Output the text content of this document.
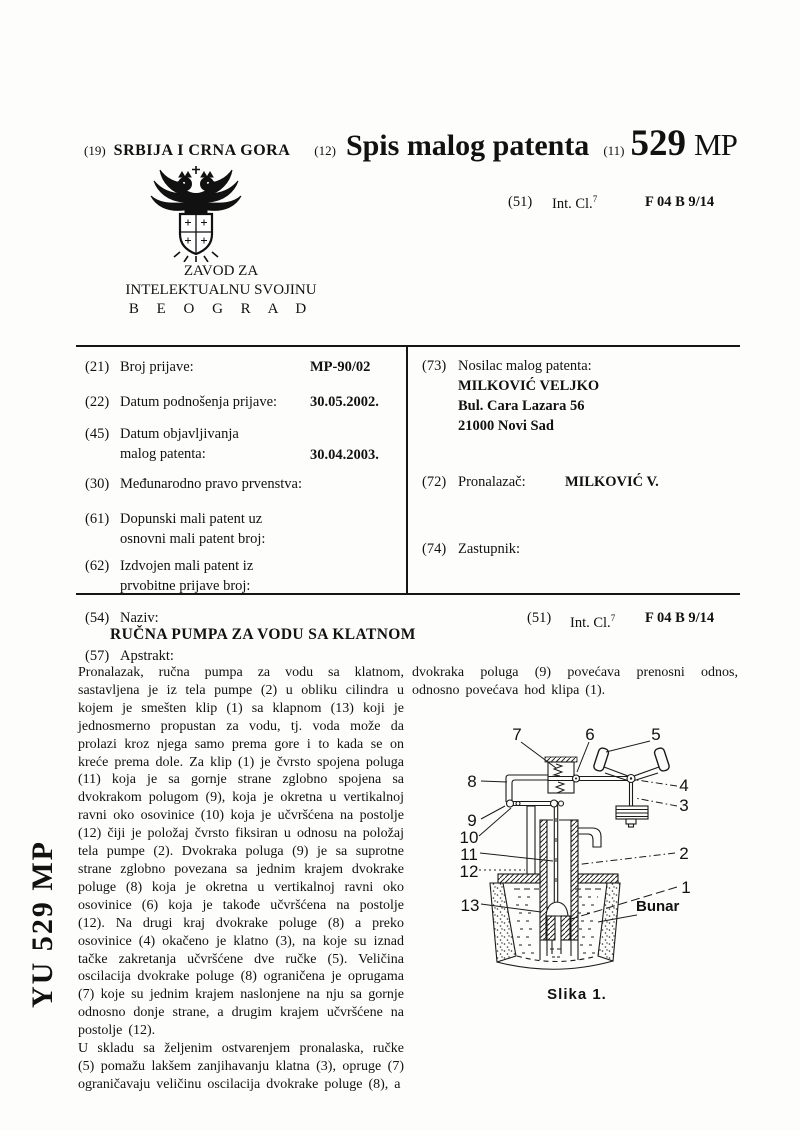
(19) SRBIJA I CRNA GORA (12) Spis malog patenta (11) 529 MP
ZAVOD ZA
INTELEKTUALNU SVOJINU
B E O G R A D
(51) Int. Cl.$^7$	F 04 B 9/14
(21) Broj prijave:	MP-90/02
(22) Datum podnošenja prijave: 30.05.2002.
(45) Datum objavljivanja
malog patenta:	30.04.2003.
(30) Međunarodno pravo prvenstva:
(61) Dopunski mali patent uz
osnovni mali patent broj:
(62) Izdvojen mali patent iz
prvobitne prijave broj:
(73) Nosilac malog patenta:
MILKOVIĆ VELJKO
Bul. Cara Lazara 56
21000 Novi Sad
(72) Pronalazač:	MILKOVIĆ V.
(74) Zastupnik:
(54) Naziv:	(51) Int. Cl.$^7$ F 04 B 9/14
RUČNA PUMPA ZA VODU SA KLATNOM
(57) Apstrakt:

Pronalazak, ručna pumpa za vodu sa klatnom, sastavljena je iz tela pumpe (2) u obliku cilindra u kojem je smešten klip (1) sa klapnom (13) koji je jednosmerno propustan za vodu, tj. voda može da prolazi kroz njega samo prema gore i to kada se on kreće prema dole. Za klip (1) je čvrsto spojena poluga (11) koja je sa gornje strane zglobno spojena sa dvokrakom polugom (9), koja je okretna u vertikalnoj ravni oko osovinice (10) koja je učvršćena na postolje (12) čiji je položaj čvrsto fiksiran u odnosu na položaj tela pumpe (2). Dvokraka poluga (9) je sa suprotne strane zglobno povezana sa jednim krajem dvokrake poluge (8) koja je okretna u vertikalnoj ravni oko osovinice (6) koja je takođe učvršćena na postolje (12). Na drugi kraj dvokrake poluge (8) a preko osovinice (4) okačeno je klatno (3), na koje su iznad tačke zakretanja učvršćene dve ručke (5). Veličina oscilacija dvokrake poluge (8) ograničena je oprugama (7) koje su jednim krajem naslonjene na nju sa gornje odnosno donje strane, a drugim krajem učvršćene na postolje (12).

U skladu sa željenim ostvarenjem pronalaska, ručke (5) pomažu lakšem zanjihavanju klatna (3), opruge (7) ograničavaju veličinu oscilacija dvokrake poluge (8), a

dvokraka poluga (9) povećava prenosni odnos, odnosno povećava hod klipa (1).

7	6	5
8	4
3
9
10
11
12
2
1
13	Bunar
Slika 1.
YU 529 MP
